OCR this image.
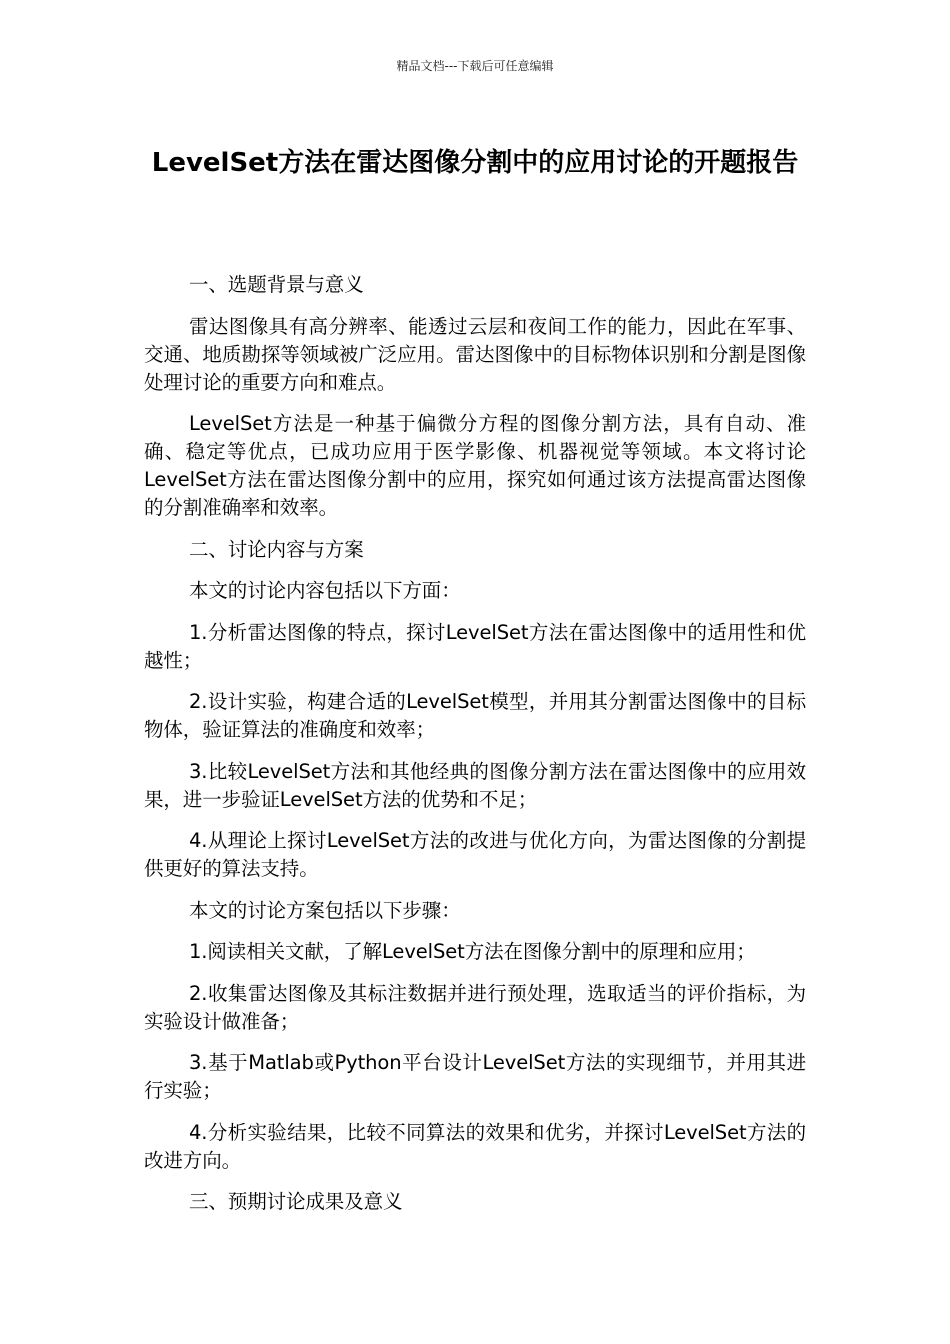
精品文档---下载后可任意编辑
LevelSet方法在雷达图像分割中的应用讨论的开题报告

一、选题背景与意义

雷达图像具有高分辨率、能透过云层和夜间工作的能力，因此在军事、交通、地质勘探等领域被广泛应用。雷达图像中的目标物体识别和分割是图像处理讨论的重要方向和难点。

LevelSet方法是一种基于偏微分方程的图像分割方法，具有自动、准确、稳定等优点，已成功应用于医学影像、机器视觉等领域。本文将讨论LevelSet方法在雷达图像分割中的应用，探究如何通过该方法提高雷达图像的分割准确率和效率。

二、讨论内容与方案

本文的讨论内容包括以下方面：

1.分析雷达图像的特点，探讨LevelSet方法在雷达图像中的适用性和优越性；

2.设计实验，构建合适的LevelSet模型，并用其分割雷达图像中的目标物体，验证算法的准确度和效率；

3.比较LevelSet方法和其他经典的图像分割方法在雷达图像中的应用效果，进一步验证LevelSet方法的优势和不足；

4.从理论上探讨LevelSet方法的改进与优化方向，为雷达图像的分割提供更好的算法支持。

本文的讨论方案包括以下步骤：

1.阅读相关文献，了解LevelSet方法在图像分割中的原理和应用；

2.收集雷达图像及其标注数据并进行预处理，选取适当的评价指标，为实验设计做准备；

3.基于Matlab或Python平台设计LevelSet方法的实现细节，并用其进行实验；

4.分析实验结果，比较不同算法的效果和优劣，并探讨LevelSet方法的改进方向。

三、预期讨论成果及意义
